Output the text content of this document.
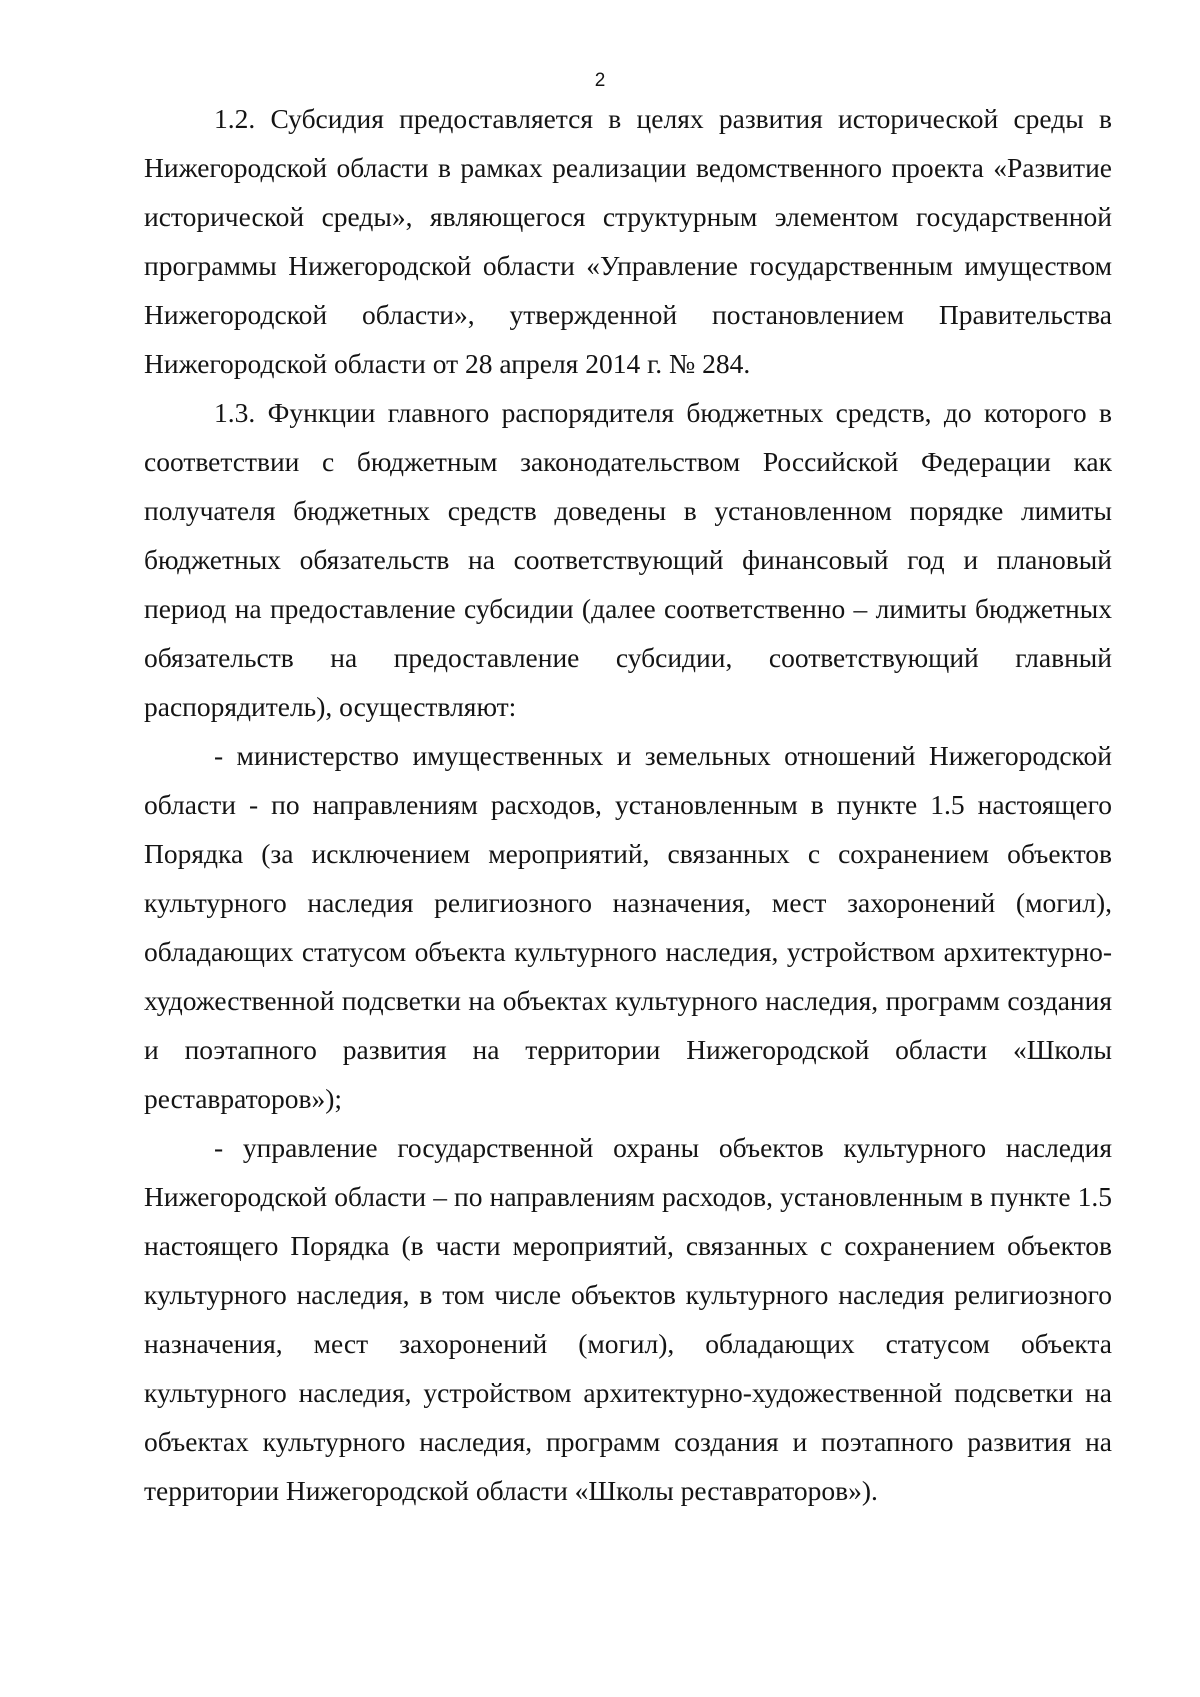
2

1.2. Субсидия предоставляется в целях развития исторической среды в Нижегородской области в рамках реализации ведомственного проекта «Развитие исторической среды», являющегося структурным элементом государственной программы Нижегородской области «Управление государственным имуществом Нижегородской области», утвержденной постановлением Правительства Нижегородской области от 28 апреля 2014 г. № 284.

1.3. Функции главного распорядителя бюджетных средств, до которого в соответствии с бюджетным законодательством Российской Федерации как получателя бюджетных средств доведены в установленном порядке лимиты бюджетных обязательств на соответствующий финансовый год и плановый период на предоставление субсидии (далее соответственно – лимиты бюджетных обязательств на предоставление субсидии, соответствующий главный распорядитель), осуществляют:

- министерство имущественных и земельных отношений Нижегородской области - по направлениям расходов, установленным в пункте 1.5 настоящего Порядка (за исключением мероприятий, связанных с сохранением объектов культурного наследия религиозного назначения, мест захоронений (могил), обладающих статусом объекта культурного наследия, устройством архитектурно-художественной подсветки на объектах культурного наследия, программ создания и поэтапного развития на территории Нижегородской области «Школы реставраторов»);

- управление государственной охраны объектов культурного наследия Нижегородской области – по направлениям расходов, установленным в пункте 1.5 настоящего Порядка (в части мероприятий, связанных с сохранением объектов культурного наследия, в том числе объектов культурного наследия религиозного назначения, мест захоронений (могил), обладающих статусом объекта культурного наследия, устройством архитектурно-художественной подсветки на объектах культурного наследия, программ создания и поэтапного развития на территории Нижегородской области «Школы реставраторов»).
